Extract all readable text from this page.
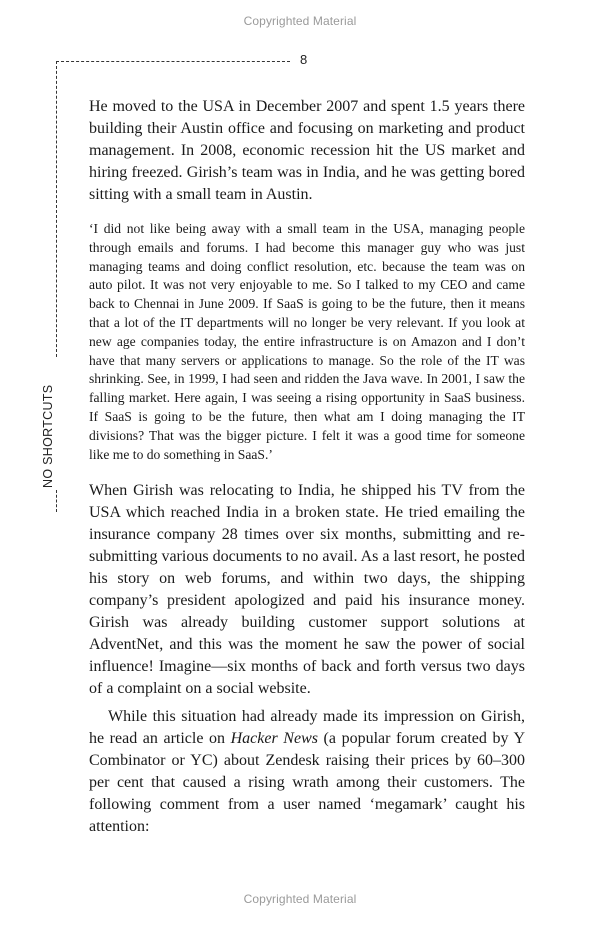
Copyrighted Material
8
NO SHORTCUTS

He moved to the USA in December 2007 and spent 1.5 years there building their Austin office and focusing on marketing and product management. In 2008, economic recession hit the US market and hiring freezed. Girish’s team was in India, and he was getting bored sitting with a small team in Austin.

‘I did not like being away with a small team in the USA, managing people through emails and forums. I had become this manager guy who was just managing teams and doing conflict resolution, etc. because the team was on auto pilot. It was not very enjoyable to me. So I talked to my CEO and came back to Chennai in June 2009. If SaaS is going to be the future, then it means that a lot of the IT departments will no longer be very relevant. If you look at new age companies today, the entire infrastructure is on Amazon and I don’t have that many servers or applications to manage. So the role of the IT was shrinking. See, in 1999, I had seen and ridden the Java wave. In 2001, I saw the falling market. Here again, I was seeing a rising opportunity in SaaS business. If SaaS is going to be the future, then what am I doing managing the IT divisions? That was the bigger picture. I felt it was a good time for someone like me to do something in SaaS.’

When Girish was relocating to India, he shipped his TV from the USA which reached India in a broken state. He tried emailing the insurance company 28 times over six months, submitting and re-submitting various documents to no avail. As a last resort, he posted his story on web forums, and within two days, the shipping company’s president apologized and paid his insurance money. Girish was already building customer support solutions at AdventNet, and this was the moment he saw the power of social influence! Imagine—six months of back and forth versus two days of a complaint on a social website.

While this situation had already made its impression on Girish, he read an article on Hacker News (a popular forum created by Y Combinator or YC) about Zendesk raising their prices by 60–300 per cent that caused a rising wrath among their customers. The following comment from a user named ‘megamark’ caught his attention:

Copyrighted Material
